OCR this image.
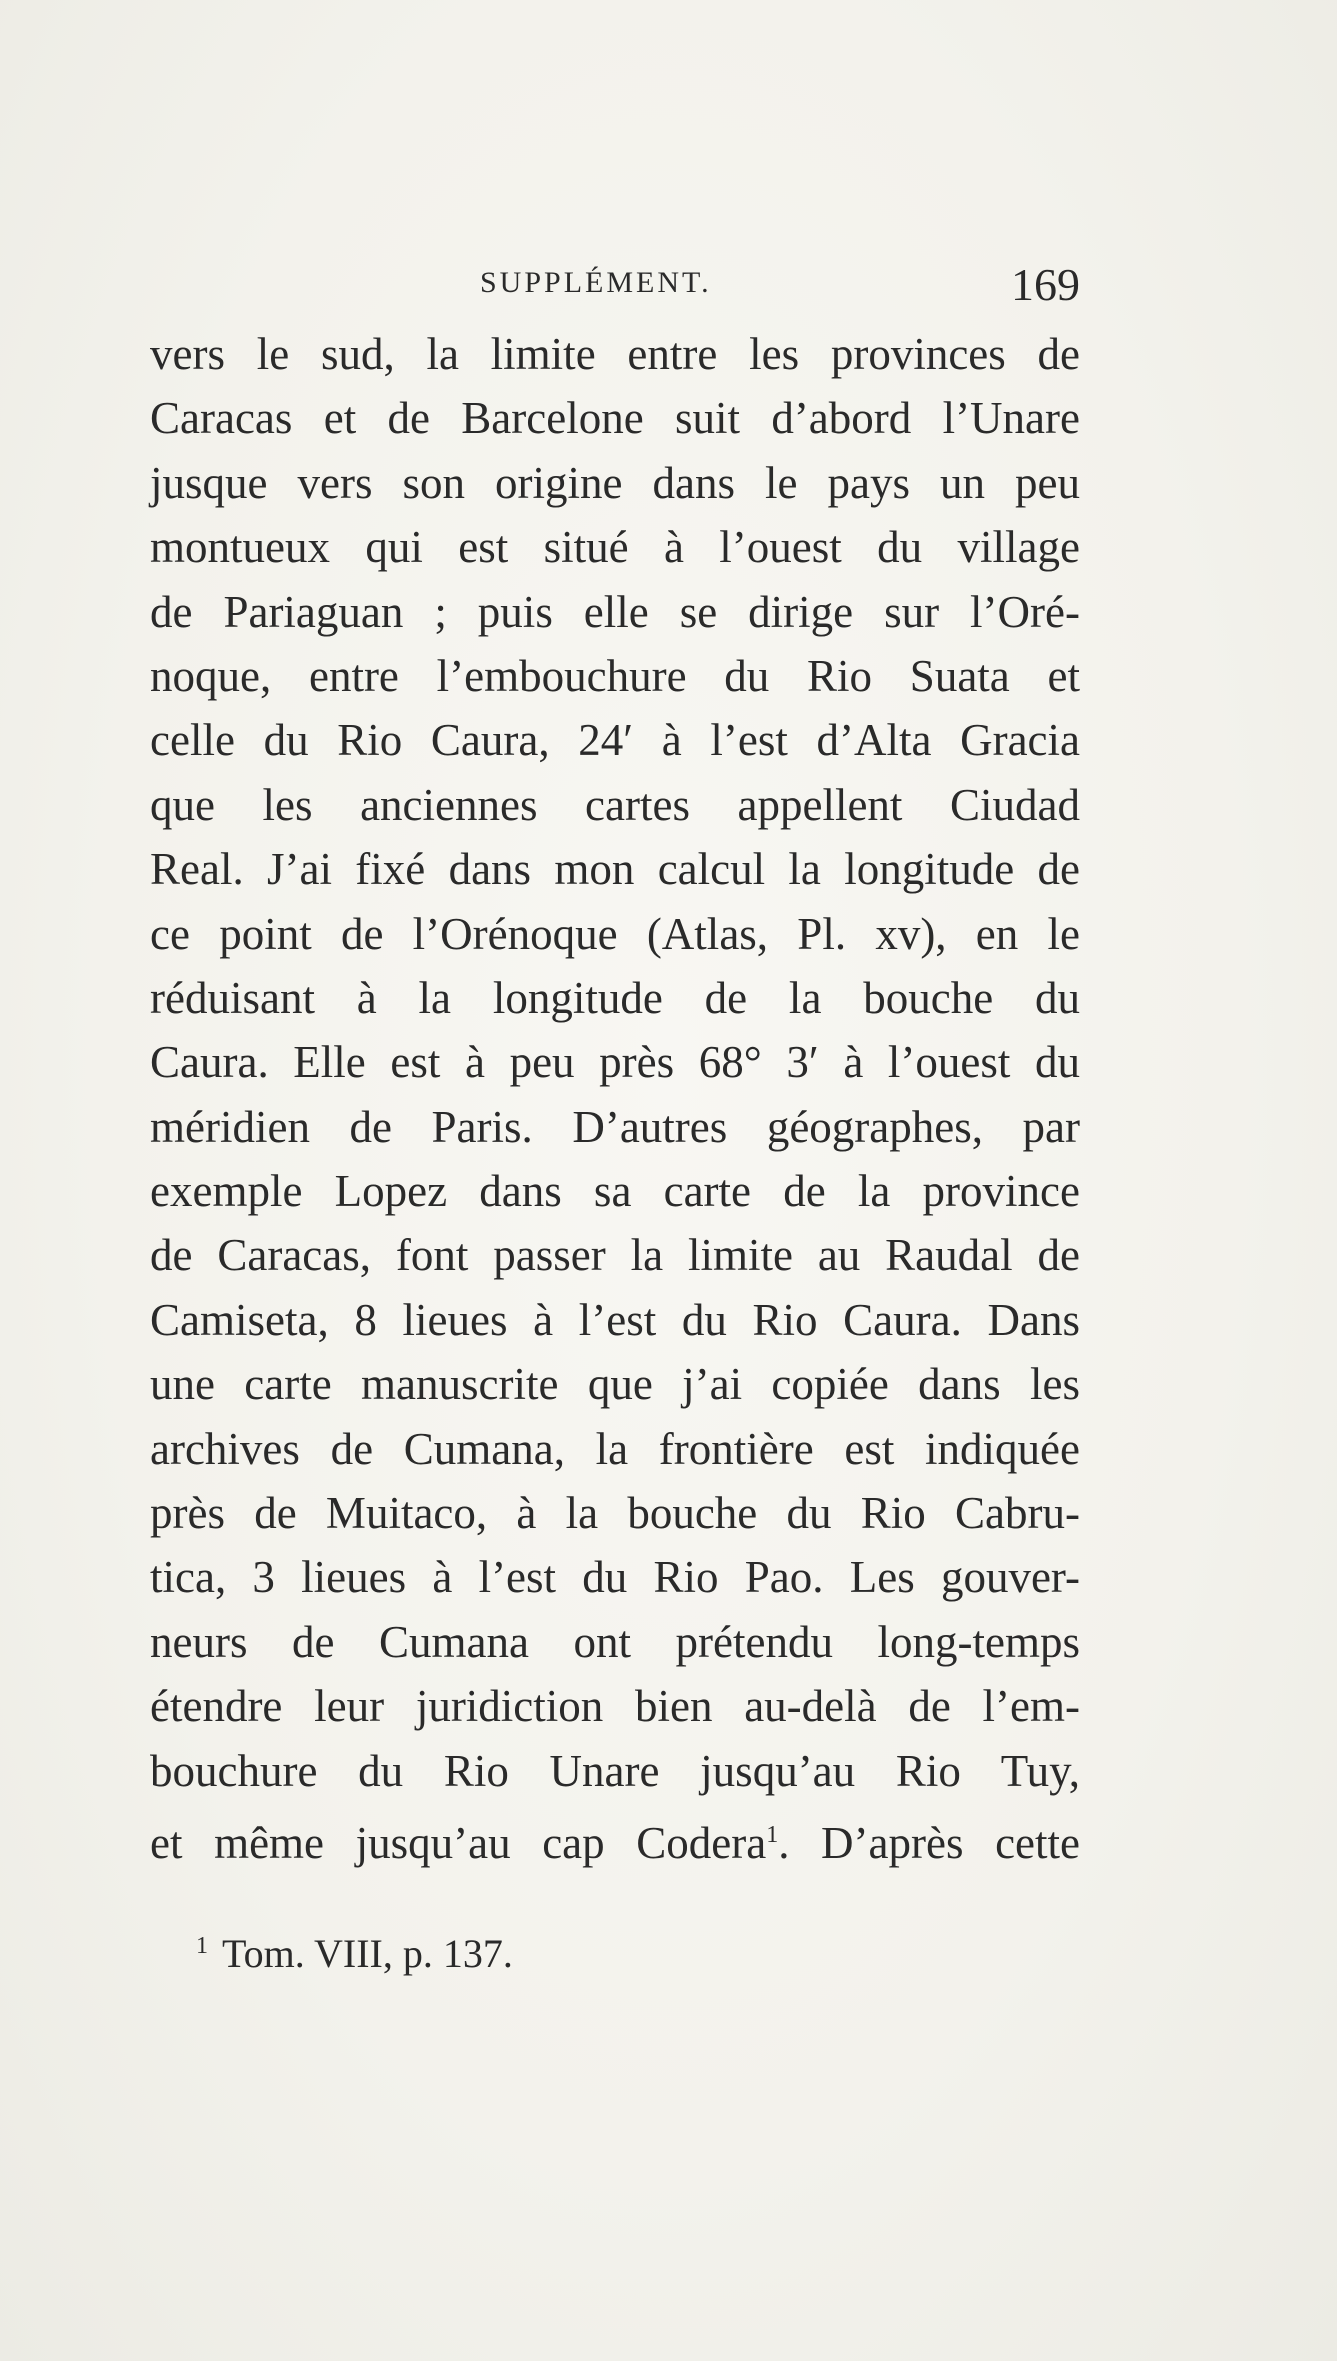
SUPPLÉMENT.	169
vers le sud, la limite entre les provinces de
Caracas et de Barcelone suit d’abord l’Unare
jusque vers son origine dans le pays un peu
montueux qui est situé à l’ouest du village
de Pariaguan ; puis elle se dirige sur l’Oré-
noque, entre l’embouchure du Rio Suata et
celle du Rio Caura, 24′ à l’est d’Alta Gracia
que les anciennes cartes appellent Ciudad
Real. J’ai fixé dans mon calcul la longitude de
ce point de l’Orénoque (Atlas, Pl. xv), en le
réduisant à la longitude de la bouche du
Caura. Elle est à peu près 68° 3′ à l’ouest du
méridien de Paris. D’autres géographes, par
exemple Lopez dans sa carte de la province
de Caracas, font passer la limite au Raudal de
Camiseta, 8 lieues à l’est du Rio Caura. Dans
une carte manuscrite que j’ai copiée dans les
archives de Cumana, la frontière est indiquée
près de Muitaco, à la bouche du Rio Cabru-
tica, 3 lieues à l’est du Rio Pao. Les gouver-
neurs de Cumana ont prétendu long-temps
étendre leur juridiction bien au-delà de l’em-
bouchure du Rio Unare jusqu’au Rio Tuy,
et même jusqu’au cap Codera$^1$. D’après cette
$^1$ Tom. VIII, p. 137.
